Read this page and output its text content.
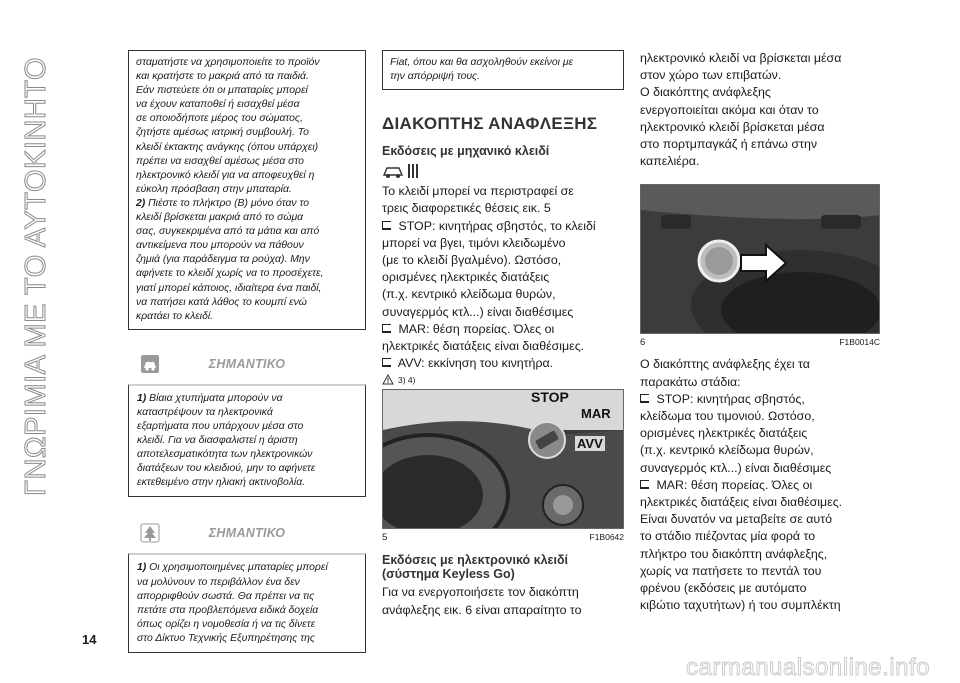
ΓΝΩΡΙΜΙΑ ΜΕ ΤΟ ΑΥΤΟΚΙΝΗΤΟ	σταματήστε να χρησιμοποιείτε το προϊόν
και κρατήστε το μακριά από τα παιδιά.
Εάν πιστεύετε ότι οι μπαταρίες μπορεί
να έχουν καταποθεί ή εισαχθεί μέσα
σε οποιοδήποτε μέρος του σώματος,
ζητήστε αμέσως ιατρική συμβουλή. Το
κλειδί έκτακτης ανάγκης (όπου υπάρχει)
πρέπει να εισαχθεί αμέσως μέσα στο
ηλεκτρονικό κλειδί για να αποφευχθεί η
εύκολη πρόσβαση στην μπαταρία.
2) Πιέστε το πλήκτρο (B) μόνο όταν το
κλειδί βρίσκεται μακριά από το σώμα
σας, συγκεκριμένα από τα μάτια και από
αντικείμενα που μπορούν να πάθουν
ζημιά (για παράδειγμα τα ρούχα). Μην
αφήνετε το κλειδί χωρίς να το προσέχετε,
γιατί μπορεί κάποιος, ιδιαίτερα ένα παιδί,
να πατήσει κατά λάθος το κουμπί ενώ
κρατάει το κλειδί.
ΣΗΜΑΝΤΙΚΟ
1) Βίαια χτυπήματα μπορούν να
καταστρέψουν τα ηλεκτρονικά
εξαρτήματα που υπάρχουν μέσα στο
κλειδί. Για να διασφαλιστεί η άριστη
αποτελεσματικότητα των ηλεκτρονικών
διατάξεων του κλειδιού, μην το αφήνετε
εκτεθειμένο στην ηλιακή ακτινοβολία.
ΣΗΜΑΝΤΙΚΟ
1) Οι χρησιμοποιημένες μπαταρίες μπορεί
να μολύνουν το περιβάλλον ένα δεν
απορριφθούν σωστά. Θα πρέπει να τις
πετάτε στα προβλεπόμενα ειδικά δοχεία
όπως ορίζει η νομοθεσία ή να τις δίνετε
στο Δίκτυο Τεχνικής Εξυπηρέτησης της
Fiat, όπου και θα ασχοληθούν εκείνοι με
την απόρριψή τους.
ΔΙΑΚΟΠΤΗΣ ΑΝΑΦΛΕΞΗΣ
Εκδόσεις με μηχανικό κλειδί
Το κλειδί μπορεί να περιστραφεί σε
τρεις διαφορετικές θέσεις εικ. 5
STOP: κινητήρας σβηστός, το κλειδί
μπορεί να βγει, τιμόνι κλειδωμένο
(με το κλειδί βγαλμένο). Ωστόσο,
ορισμένες ηλεκτρικές διατάξεις
(π.χ. κεντρικό κλείδωμα θυρών,
συναγερμός κτλ...) είναι διαθέσιμες
MAR: θέση πορείας. Όλες οι
ηλεκτρικές διατάξεις είναι διαθέσιμες.
AVV: εκκίνηση του κινητήρα.
3) 4)
STOP
MAR
AVV
5	F1B0642
Εκδόσεις με ηλεκτρονικό κλειδί
(σύστημα Keyless Go)
Για να ενεργοποιήσετε τον διακόπτη
ανάφλεξης εικ. 6 είναι απαραίτητο το
ηλεκτρονικό κλειδί να βρίσκεται μέσα
στον χώρο των επιβατών.
Ο διακόπτης ανάφλεξης
ενεργοποιείται ακόμα και όταν το
ηλεκτρονικό κλειδί βρίσκεται μέσα
στο πορτμπαγκάζ ή επάνω στην
καπελιέρα.
6	F1B0014C
Ο διακόπτης ανάφλεξης έχει τα
παρακάτω στάδια:
STOP: κινητήρας σβηστός,
κλείδωμα του τιμονιού. Ωστόσο,
ορισμένες ηλεκτρικές διατάξεις
(π.χ. κεντρικό κλείδωμα θυρών,
συναγερμός κτλ...) είναι διαθέσιμες
MAR: θέση πορείας. Όλες οι
ηλεκτρικές διατάξεις είναι διαθέσιμες.
Είναι δυνατόν να μεταβείτε σε αυτό
το στάδιο πιέζοντας μία φορά το
πλήκτρο του διακόπτη ανάφλεξης,
χωρίς να πατήσετε το πεντάλ του
φρένου (εκδόσεις με αυτόματο
κιβώτιο ταχυτήτων) ή του συμπλέκτη
14
carmanualsonline.info
